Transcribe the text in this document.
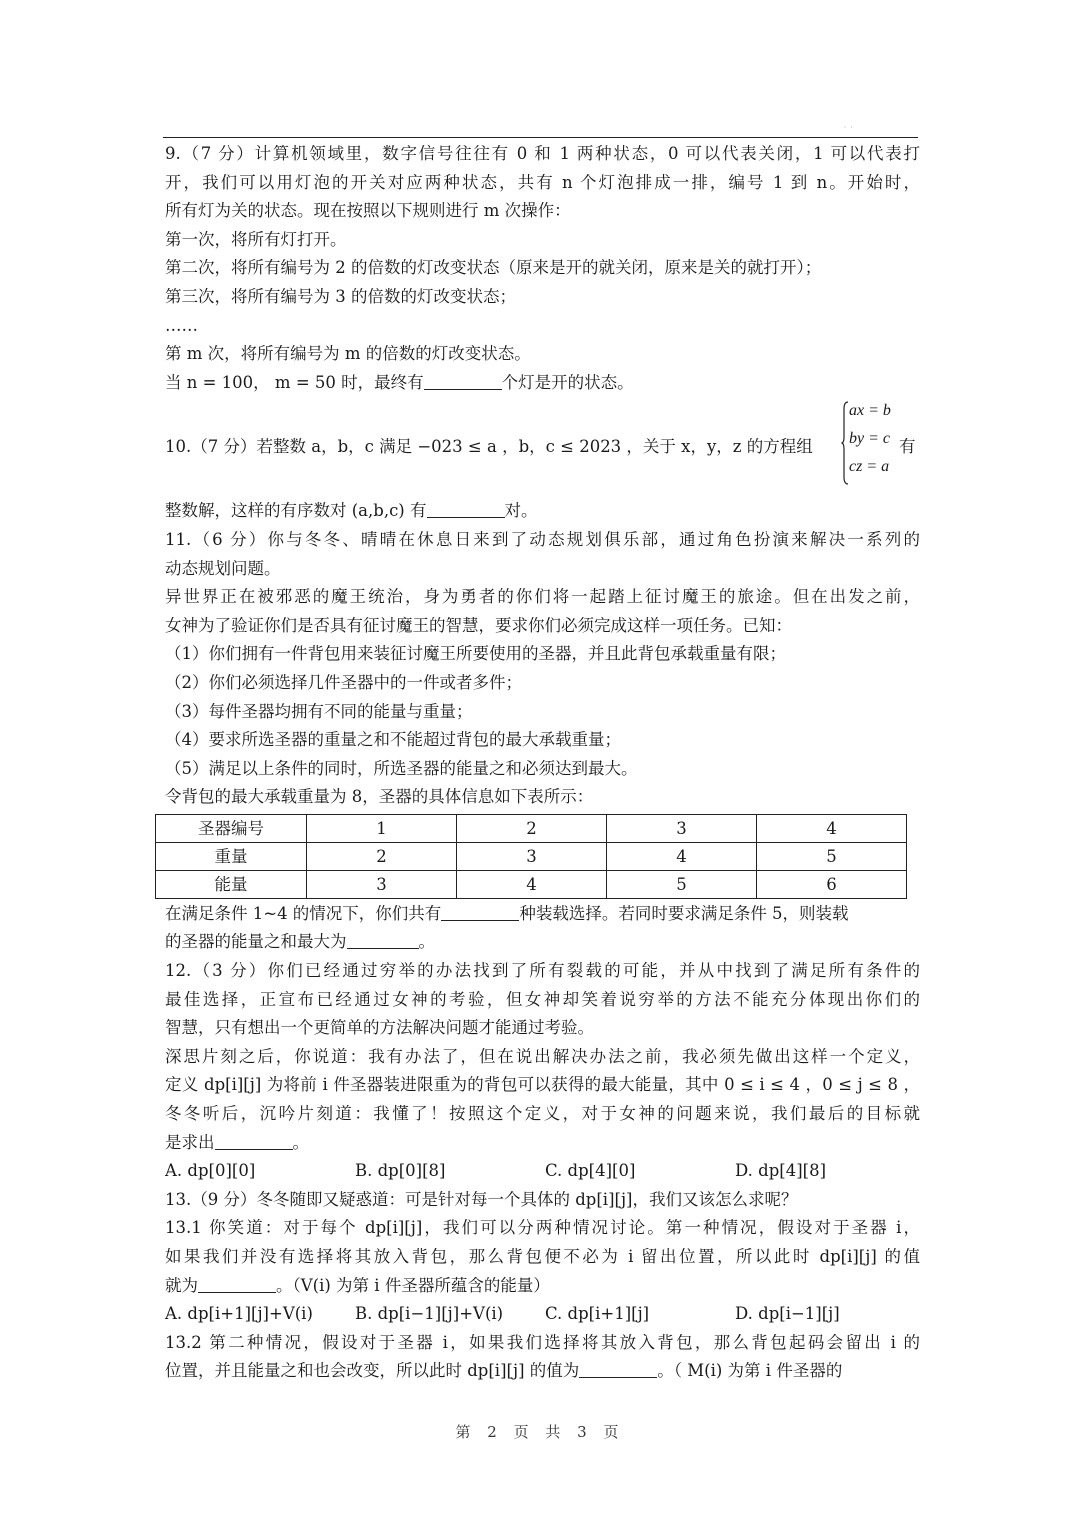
˙ ˙
9.（7 分）计算机领域里，数字信号往往有 0 和 1 两种状态，0 可以代表关闭，1 可以代表打
开，我们可以用灯泡的开关对应两种状态，共有 n 个灯泡排成一排，编号 1 到 n。开始时，
所有灯为关的状态。现在按照以下规则进行 m 次操作：
第一次，将所有灯打开。
第二次，将所有编号为 2 的倍数的灯改变状态（原来是开的就关闭，原来是关的就打开）；
第三次，将所有编号为 3 的倍数的灯改变状态；
……
第 m 次，将所有编号为 m 的倍数的灯改变状态。
当 n = 100， m = 50 时，最终有	个灯是开的状态。
10.（7 分）若整数 a，b，c 满足 −023 ≤ a ，b，c ≤ 2023 ，关于 x，y，z 的方程组
ax = b
by = c
cz = a
有
整数解，这样的有序数对 (a,b,c) 有	对。
11.（6 分）你与冬冬、晴晴在休息日来到了动态规划俱乐部，通过角色扮演来解决一系列的
动态规划问题。
异世界正在被邪恶的魔王统治，身为勇者的你们将一起踏上征讨魔王的旅途。但在出发之前，
女神为了验证你们是否具有征讨魔王的智慧，要求你们必须完成这样一项任务。已知：
（1）你们拥有一件背包用来装征讨魔王所要使用的圣器，并且此背包承载重量有限；
（2）你们必须选择几件圣器中的一件或者多件；
（3）每件圣器均拥有不同的能量与重量；
（4）要求所选圣器的重量之和不能超过背包的最大承载重量；
（5）满足以上条件的同时，所选圣器的能量之和必须达到最大。
令背包的最大承载重量为 8，圣器的具体信息如下表所示：
圣器编号	1	2	3	4
重量	2	3	4	5
能量	3	4	5	6
在满足条件 1~4 的情况下，你们共有	种装载选择。若同时要求满足条件 5，则装载
的圣器的能量之和最大为	。
12.（3 分）你们已经通过穷举的办法找到了所有裂载的可能，并从中找到了满足所有条件的
最佳选择，正宣布已经通过女神的考验，但女神却笑着说穷举的方法不能充分体现出你们的
智慧，只有想出一个更简单的方法解决问题才能通过考验。
深思片刻之后，你说道：我有办法了，但在说出解决办法之前，我必须先做出这样一个定义，
定义 dp[i][j] 为将前 i 件圣器装进限重为的背包可以获得的最大能量，其中 0 ≤ i ≤ 4 ，0 ≤ j ≤ 8 ，
冬冬听后，沉吟片刻道：我懂了！按照这个定义，对于女神的问题来说，我们最后的目标就
是求出	。
A. dp[0][0]	B. dp[0][8]	C. dp[4][0]	D. dp[4][8]
13.（9 分）冬冬随即又疑惑道：可是针对每一个具体的 dp[i][j]，我们又该怎么求呢？
13.1 你笑道：对于每个 dp[i][j]，我们可以分两种情况讨论。第一种情况，假设对于圣器 i，
如果我们并没有选择将其放入背包，那么背包便不必为 i 留出位置，所以此时 dp[i][j] 的值
就为	。（V(i) 为第 i 件圣器所蕴含的能量）
A. dp[i+1][j]+V(i)	B. dp[i−1][j]+V(i)	C. dp[i+1][j]	D. dp[i−1][j]
13.2 第二种情况，假设对于圣器 i，如果我们选择将其放入背包，那么背包起码会留出 i 的
位置，并且能量之和也会改变，所以此时 dp[i][j] 的值为	。（ M(i) 为第 i 件圣器的
第 2 页 共 3 页
